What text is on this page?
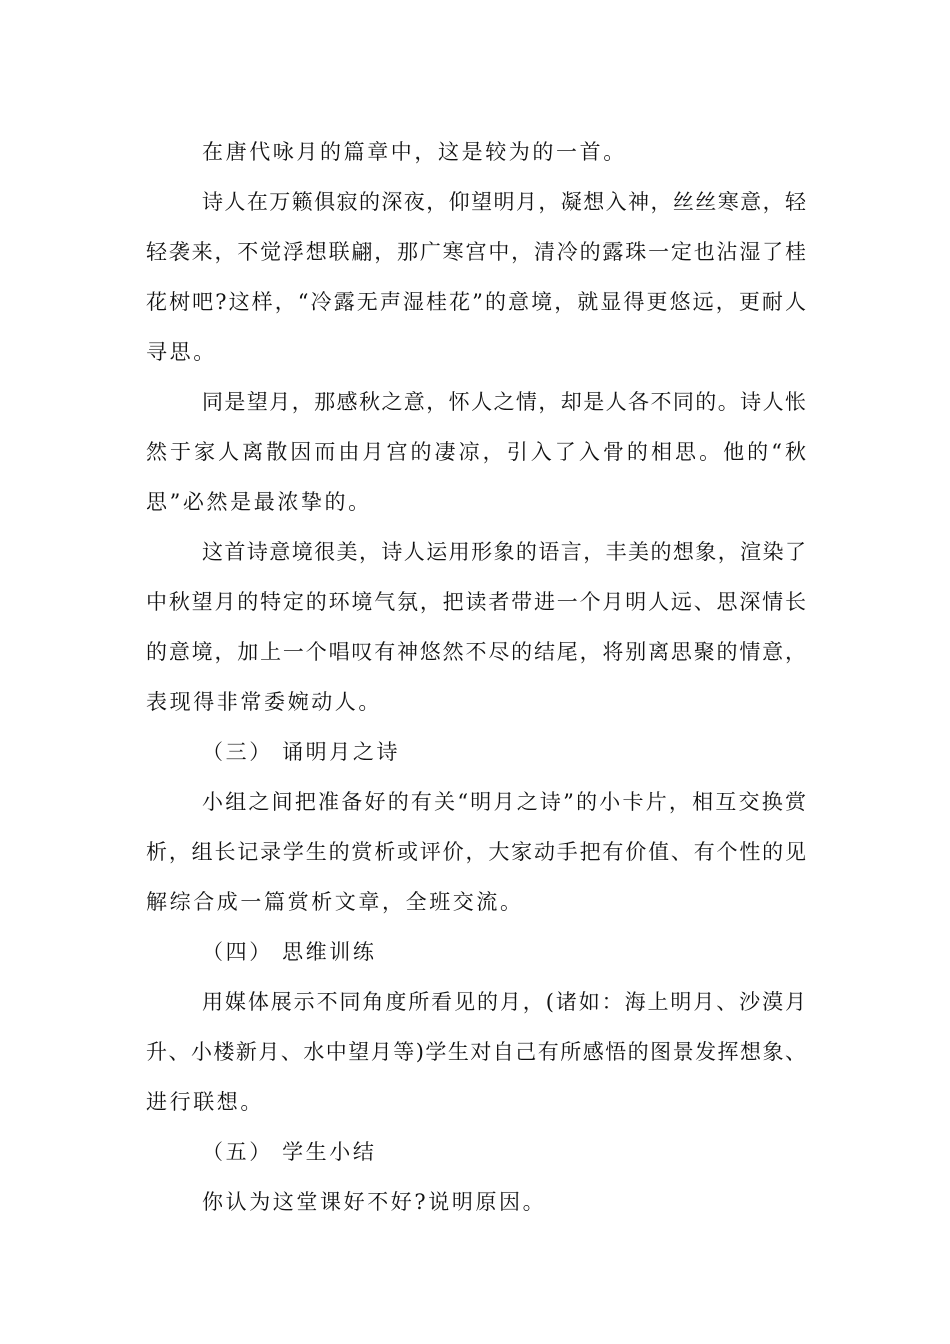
在唐代咏月的篇章中，这是较为的一首。
诗人在万籁俱寂的深夜，仰望明月，凝想入神，丝丝寒意，轻
轻袭来，不觉浮想联翩，那广寒宫中，清冷的露珠一定也沾湿了桂
花树吧?这样，“冷露无声湿桂花”的意境，就显得更悠远，更耐人
寻思。
同是望月，那感秋之意，怀人之情，却是人各不同的。诗人怅
然于家人离散因而由月宫的凄凉，引入了入骨的相思。他的“秋
思”必然是最浓挚的。
这首诗意境很美，诗人运用形象的语言，丰美的想象，渲染了
中秋望月的特定的环境气氛，把读者带进一个月明人远、思深情长
的意境，加上一个唱叹有神悠然不尽的结尾，将别离思聚的情意，
表现得非常委婉动人。
（三） 诵明月之诗
小组之间把准备好的有关“明月之诗”的小卡片，相互交换赏
析，组长记录学生的赏析或评价，大家动手把有价值、有个性的见
解综合成一篇赏析文章，全班交流。
（四） 思维训练
用媒体展示不同角度所看见的月，(诸如：海上明月、沙漠月
升、小楼新月、水中望月等)学生对自己有所感悟的图景发挥想象、
进行联想。
（五） 学生小结
你认为这堂课好不好?说明原因。
